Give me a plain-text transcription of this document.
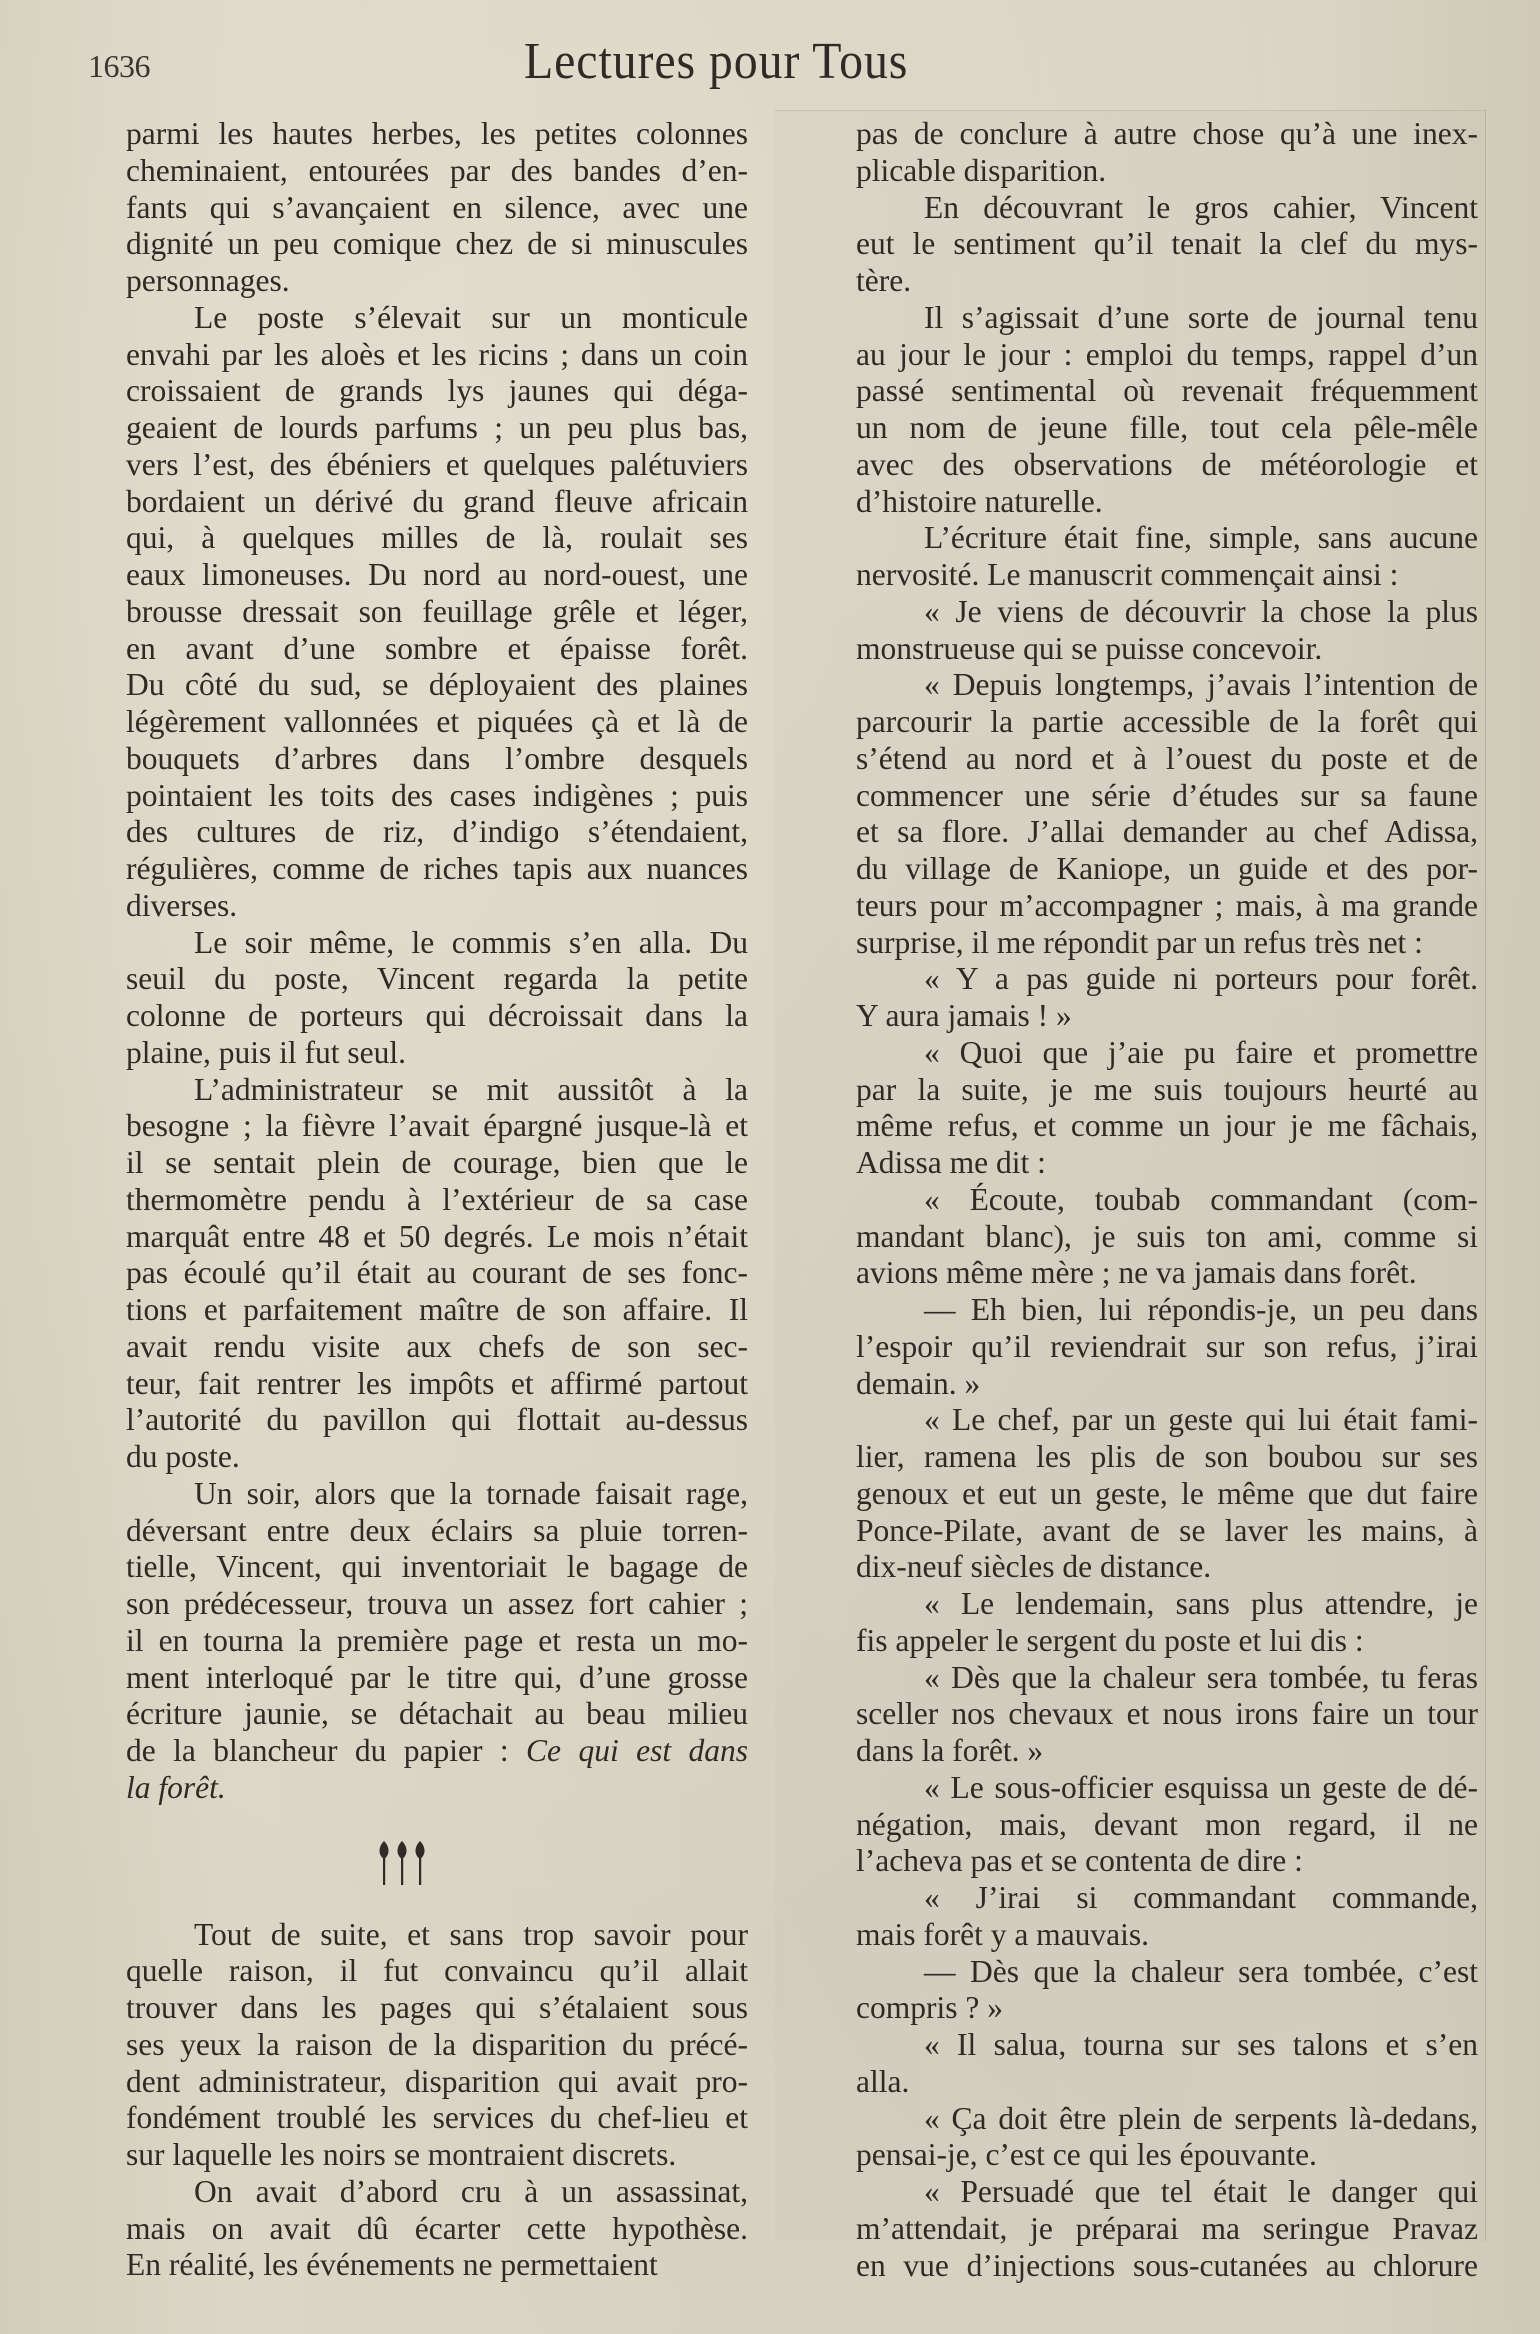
1636	Lectures pour Tous
parmi les hautes herbes, les petites colonnes
cheminaient, entourées par des bandes d’en-
fants qui s’avançaient en silence, avec une
dignité un peu comique chez de si minuscules
personnages.
Le poste s’élevait sur un monticule
envahi par les aloès et les ricins ; dans un coin
croissaient de grands lys jaunes qui déga-
geaient de lourds parfums ; un peu plus bas,
vers l’est, des ébéniers et quelques palétuviers
bordaient un dérivé du grand fleuve africain
qui, à quelques milles de là, roulait ses
eaux limoneuses. Du nord au nord-ouest, une
brousse dressait son feuillage grêle et léger,
en avant d’une sombre et épaisse forêt.
Du côté du sud, se déployaient des plaines
légèrement vallonnées et piquées çà et là de
bouquets d’arbres dans l’ombre desquels
pointaient les toits des cases indigènes ; puis
des cultures de riz, d’indigo s’étendaient,
régulières, comme de riches tapis aux nuances
diverses.
Le soir même, le commis s’en alla. Du
seuil du poste, Vincent regarda la petite
colonne de porteurs qui décroissait dans la
plaine, puis il fut seul.
L’administrateur se mit aussitôt à la
besogne ; la fièvre l’avait épargné jusque-là et
il se sentait plein de courage, bien que le
thermomètre pendu à l’extérieur de sa case
marquât entre 48 et 50 degrés. Le mois n’était
pas écoulé qu’il était au courant de ses fonc-
tions et parfaitement maître de son affaire. Il
avait rendu visite aux chefs de son sec-
teur, fait rentrer les impôts et affirmé partout
l’autorité du pavillon qui flottait au-dessus
du poste.
Un soir, alors que la tornade faisait rage,
déversant entre deux éclairs sa pluie torren-
tielle, Vincent, qui inventoriait le bagage de
son prédécesseur, trouva un assez fort cahier ;
il en tourna la première page et resta un mo-
ment interloqué par le titre qui, d’une grosse
écriture jaunie, se détachait au beau milieu
de la blancheur du papier : Ce qui est dans
la forêt.
Tout de suite, et sans trop savoir pour
quelle raison, il fut convaincu qu’il allait
trouver dans les pages qui s’étalaient sous
ses yeux la raison de la disparition du précé-
dent administrateur, disparition qui avait pro-
fondément troublé les services du chef-lieu et
sur laquelle les noirs se montraient discrets.
On avait d’abord cru à un assassinat,
mais on avait dû écarter cette hypothèse.
En réalité, les événements ne permettaient
pas de conclure à autre chose qu’à une inex-
plicable disparition.
En découvrant le gros cahier, Vincent
eut le sentiment qu’il tenait la clef du mys-
tère.
Il s’agissait d’une sorte de journal tenu
au jour le jour : emploi du temps, rappel d’un
passé sentimental où revenait fréquemment
un nom de jeune fille, tout cela pêle-mêle
avec des observations de météorologie et
d’histoire naturelle.
L’écriture était fine, simple, sans aucune
nervosité. Le manuscrit commençait ainsi :
« Je viens de découvrir la chose la plus
monstrueuse qui se puisse concevoir.
« Depuis longtemps, j’avais l’intention de
parcourir la partie accessible de la forêt qui
s’étend au nord et à l’ouest du poste et de
commencer une série d’études sur sa faune
et sa flore. J’allai demander au chef Adissa,
du village de Kaniope, un guide et des por-
teurs pour m’accompagner ; mais, à ma grande
surprise, il me répondit par un refus très net :
« Y a pas guide ni porteurs pour forêt.
Y aura jamais ! »
« Quoi que j’aie pu faire et promettre
par la suite, je me suis toujours heurté au
même refus, et comme un jour je me fâchais,
Adissa me dit :
« Écoute, toubab commandant (com-
mandant blanc), je suis ton ami, comme si
avions même mère ; ne va jamais dans forêt.
— Eh bien, lui répondis-je, un peu dans
l’espoir qu’il reviendrait sur son refus, j’irai
demain. »
« Le chef, par un geste qui lui était fami-
lier, ramena les plis de son boubou sur ses
genoux et eut un geste, le même que dut faire
Ponce-Pilate, avant de se laver les mains, à
dix-neuf siècles de distance.
« Le lendemain, sans plus attendre, je
fis appeler le sergent du poste et lui dis :
« Dès que la chaleur sera tombée, tu feras
sceller nos chevaux et nous irons faire un tour
dans la forêt. »
« Le sous-officier esquissa un geste de dé-
négation, mais, devant mon regard, il ne
l’acheva pas et se contenta de dire :
« J’irai si commandant commande,
mais forêt y a mauvais.
— Dès que la chaleur sera tombée, c’est
compris ? »
« Il salua, tourna sur ses talons et s’en
alla.
« Ça doit être plein de serpents là-dedans,
pensai-je, c’est ce qui les épouvante.
« Persuadé que tel était le danger qui
m’attendait, je préparai ma seringue Pravaz
en vue d’injections sous-cutanées au chlorure
